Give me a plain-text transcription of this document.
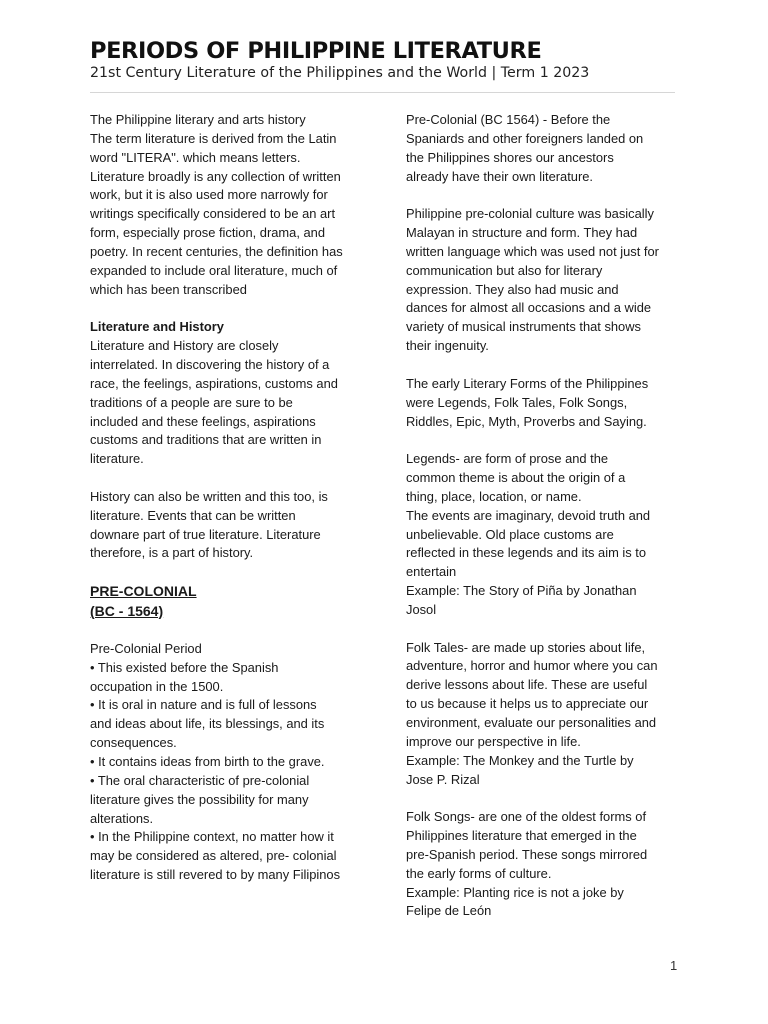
PERIODS OF PHILIPPINE LITERATURE
21st Century Literature of the Philippines and the World | Term 1 2023
The Philippine literary and arts history
The term literature is derived from the Latin
word "LITERA". which means letters.
Literature broadly is any collection of written
work, but it is also used more narrowly for
writings specifically considered to be an art
form, especially prose fiction, drama, and
poetry. In recent centuries, the definition has
expanded to include oral literature, much of
which has been transcribed
Literature and History
Literature and History are closely
interrelated. In discovering the history of a
race, the feelings, aspirations, customs and
traditions of a people are sure to be
included and these feelings, aspirations
customs and traditions that are written in
literature.
History can also be written and this too, is
literature. Events that can be written
downare part of true literature. Literature
therefore, is a part of history.
PRE-COLONIAL
(BC - 1564)
Pre-Colonial Period
• This existed before the Spanish
occupation in the 1500.
• It is oral in nature and is full of lessons
and ideas about life, its blessings, and its
consequences.
• It contains ideas from birth to the grave.
• The oral characteristic of pre-colonial
literature gives the possibility for many
alterations.
• In the Philippine context, no matter how it
may be considered as altered, pre- colonial
literature is still revered to by many Filipinos
Pre-Colonial (BC 1564) - Before the
Spaniards and other foreigners landed on
the Philippines shores our ancestors
already have their own literature.
Philippine pre-colonial culture was basically
Malayan in structure and form. They had
written language which was used not just for
communication but also for literary
expression. They also had music and
dances for almost all occasions and a wide
variety of musical instruments that shows
their ingenuity.
The early Literary Forms of the Philippines
were Legends, Folk Tales, Folk Songs,
Riddles, Epic, Myth, Proverbs and Saying.
Legends- are form of prose and the
common theme is about the origin of a
thing, place, location, or name.
The events are imaginary, devoid truth and
unbelievable. Old place customs are
reflected in these legends and its aim is to
entertain
Example: The Story of Piña by Jonathan
Josol
Folk Tales- are made up stories about life,
adventure, horror and humor where you can
derive lessons about life. These are useful
to us because it helps us to appreciate our
environment, evaluate our personalities and
improve our perspective in life.
Example: The Monkey and the Turtle by
Jose P. Rizal
Folk Songs- are one of the oldest forms of
Philippines literature that emerged in the
pre-Spanish period. These songs mirrored
the early forms of culture.
Example: Planting rice is not a joke by
Felipe de León
1
